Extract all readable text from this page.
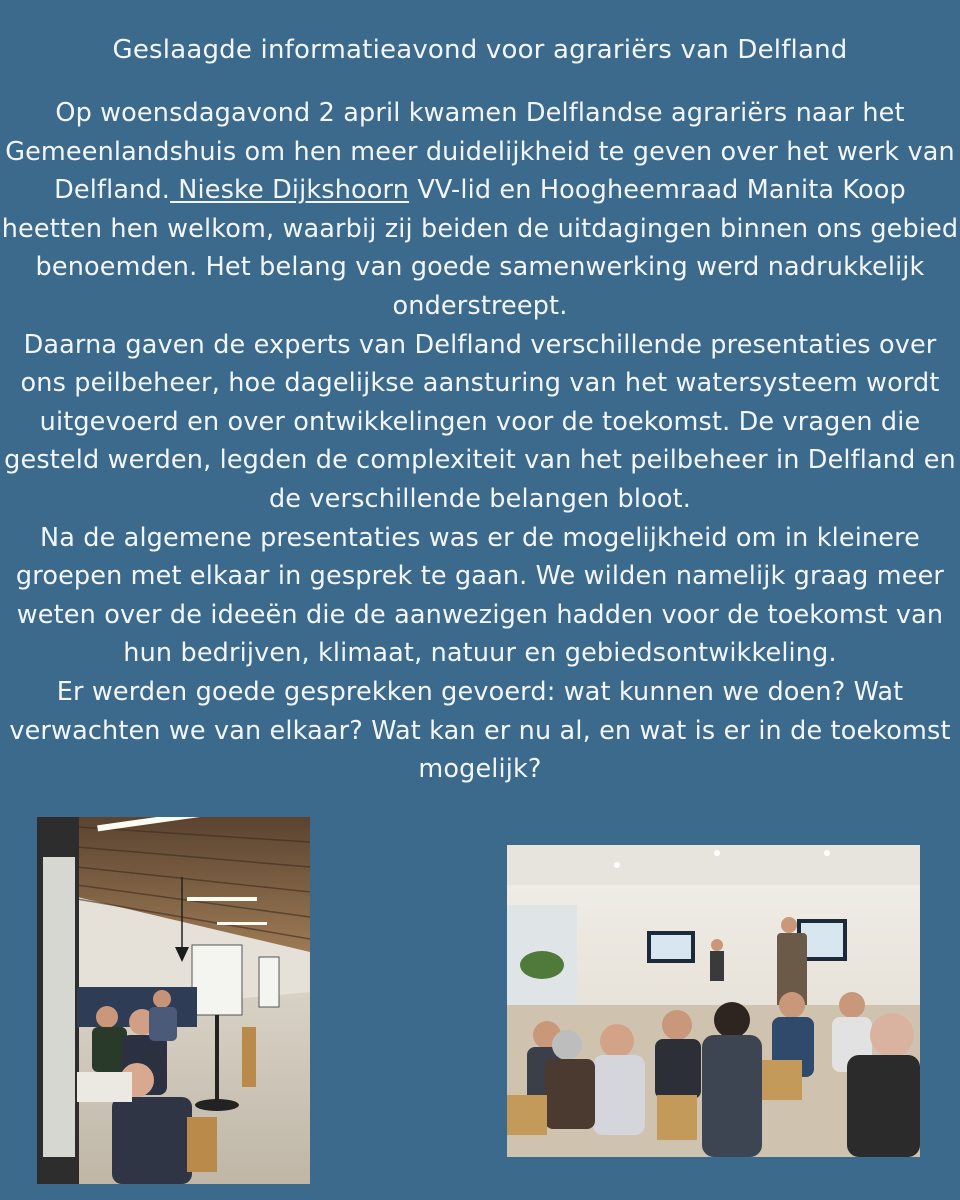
Geslaagde informatieavond voor agrariërs van Delfland

Op woensdagavond 2 april kwamen Delflandse agrariërs naar het Gemeenlandshuis om hen meer duidelijkheid te geven over het werk van Delfland. Nieske Dijkshoorn VV-lid en Hoogheemraad Manita Koop heetten hen welkom, waarbij zij beiden de uitdagingen binnen ons gebied benoemden. Het belang van goede samenwerking werd nadrukkelijk onderstreept.

Daarna gaven de experts van Delfland verschillende presentaties over ons peilbeheer, hoe dagelijkse aansturing van het watersysteem wordt uitgevoerd en over ontwikkelingen voor de toekomst. De vragen die gesteld werden, legden de complexiteit van het peilbeheer in Delfland en de verschillende belangen bloot.

Na de algemene presentaties was er de mogelijkheid om in kleinere groepen met elkaar in gesprek te gaan. We wilden namelijk graag meer weten over de ideeën die de aanwezigen hadden voor de toekomst van hun bedrijven, klimaat, natuur en gebiedsontwikkeling.

Er werden goede gesprekken gevoerd: wat kunnen we doen? Wat verwachten we van elkaar? Wat kan er nu al, en wat is er in de toekomst mogelijk?
